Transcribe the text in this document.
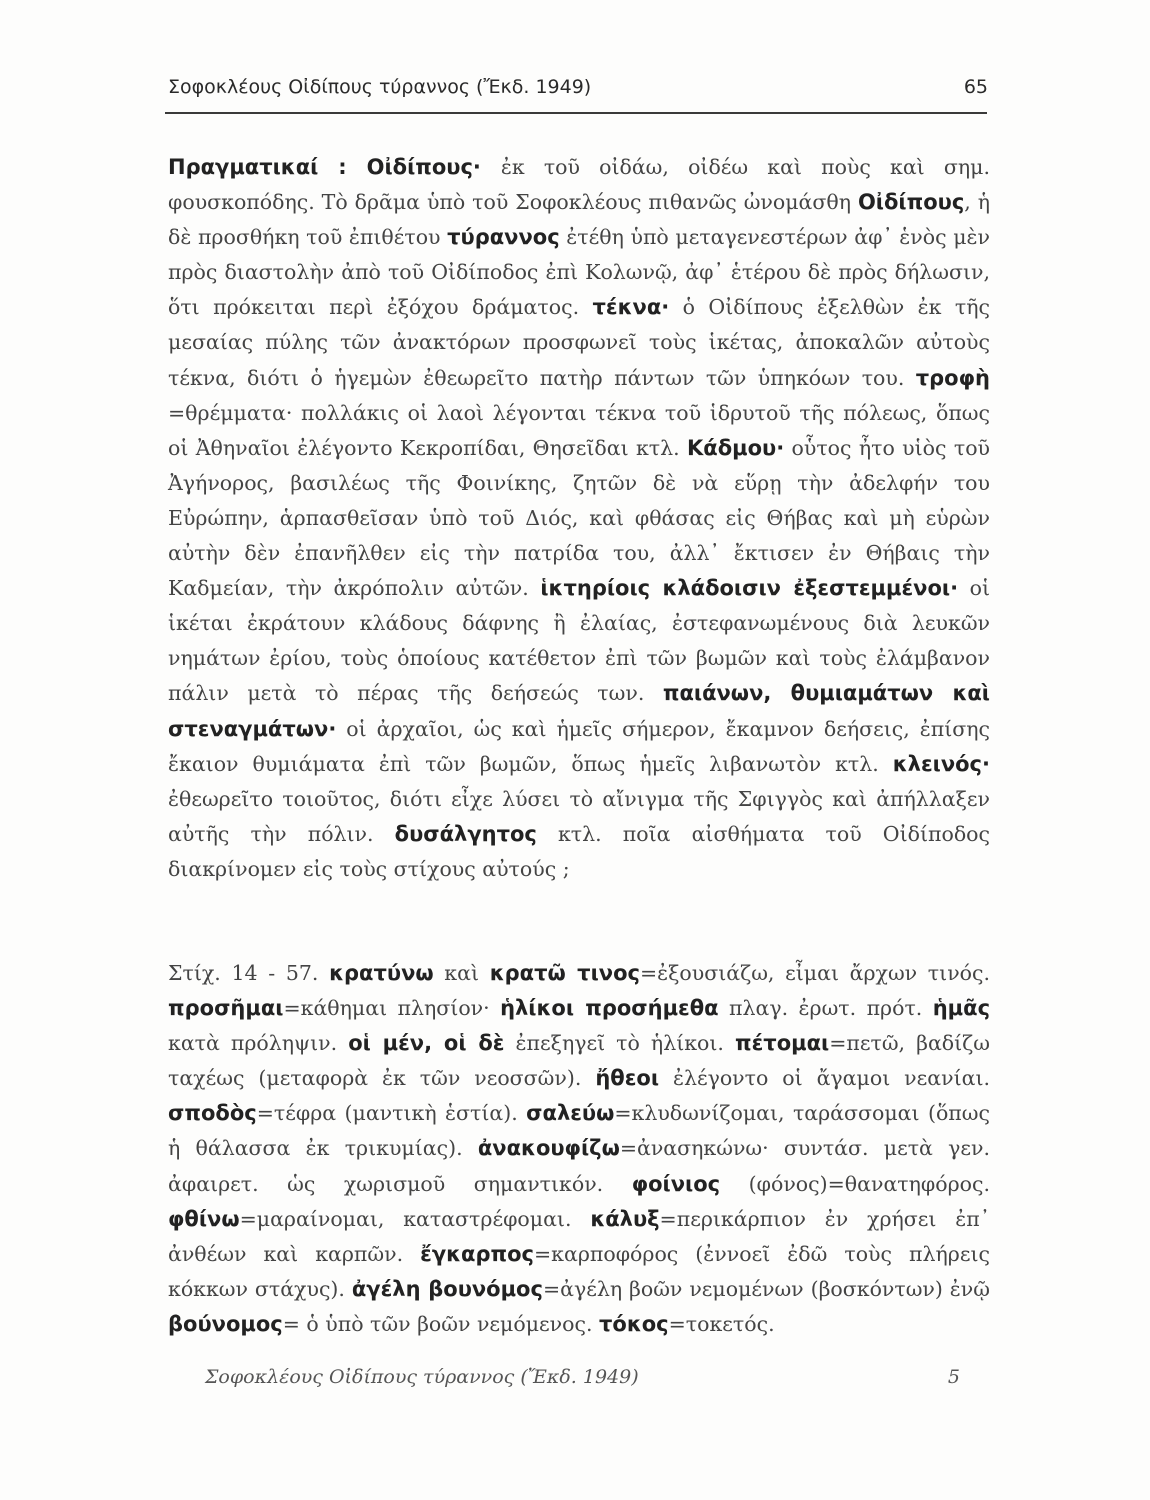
Σοφοκλέους Οἰδίπους τύραννος (Ἔκδ. 1949)	65
Πραγματικαί : Οἰδίπους· ἐκ τοῦ οἰδάω, οἰδέω καὶ ποὺς καὶ σημ. φουσκοπόδης. Τὸ δρᾶμα ὑπὸ τοῦ Σοφοκλέους πιθανῶς ὠνομάσθη Οἰδίπους, ἡ δὲ προσθήκη τοῦ ἐπιθέτου τύραννος ἐτέθη ὑπὸ μεταγενεστέρων ἀφ᾿ ἑνὸς μὲν πρὸς διαστολὴν ἀπὸ τοῦ Οἰδίποδος ἐπὶ Κολωνῷ, ἀφ᾿ ἑτέρου δὲ πρὸς δήλωσιν, ὅτι πρόκειται περὶ ἐξόχου δράματος. τέκνα· ὁ Οἰδίπους ἐξελθὼν ἐκ τῆς μεσαίας πύλης τῶν ἀνακτόρων προσφωνεῖ τοὺς ἱκέτας, ἀποκαλῶν αὐτοὺς τέκνα, διότι ὁ ἡγεμὼν ἐθεωρεῖτο πατὴρ πάντων τῶν ὑπηκόων του. τροφὴ =θρέμματα· πολλάκις οἱ λαοὶ λέγονται τέκνα τοῦ ἱδρυτοῦ τῆς πόλεως, ὅπως οἱ Ἀθηναῖοι ἐλέγοντο Κεκροπίδαι, Θησεῖδαι κτλ. Κάδμου· οὗτος ἦτο υἱὸς τοῦ Ἀγήνορος, βασιλέως τῆς Φοινίκης, ζητῶν δὲ νὰ εὕρῃ τὴν ἀδελφήν του Εὐρώπην, ἁρπασθεῖσαν ὑπὸ τοῦ Διός, καὶ φθάσας εἰς Θήβας καὶ μὴ εὑρὼν αὐτὴν δὲν ἐπανῆλθεν εἰς τὴν πατρίδα του, ἀλλ᾿ ἔκτισεν ἐν Θήβαις τὴν Καδμείαν, τὴν ἀκρόπολιν αὐτῶν. ἱκτηρίοις κλάδοισιν ἐξεστεμμένοι· οἱ ἱκέται ἐκράτουν κλάδους δάφνης ἢ ἐλαίας, ἐστεφανωμένους διὰ λευκῶν νημάτων ἐρίου, τοὺς ὁποίους κατέθετον ἐπὶ τῶν βωμῶν καὶ τοὺς ἐλάμβανον πάλιν μετὰ τὸ πέρας τῆς δεήσεώς των. παιάνων, θυμιαμάτων καὶ στεναγμάτων· οἱ ἀρχαῖοι, ὡς καὶ ἡμεῖς σήμερον, ἔκαμνον δεήσεις, ἐπίσης ἔκαιον θυμιάματα ἐπὶ τῶν βωμῶν, ὅπως ἡμεῖς λιβανωτὸν κτλ. κλεινός· ἐθεωρεῖτο τοιοῦτος, διότι εἶχε λύσει τὸ αἴνιγμα τῆς Σφιγγὸς καὶ ἀπήλλαξεν αὐτῆς τὴν πόλιν. δυσάλγητος κτλ. ποῖα αἰσθήματα τοῦ Οἰδίποδος διακρίνομεν εἰς τοὺς στίχους αὐτούς ;
Στίχ. 14 - 57. κρατύνω καὶ κρατῶ τινος=ἐξουσιάζω, εἶμαι ἄρχων τινός. προσῆμαι=κάθημαι πλησίον· ἡλίκοι προσήμεθα πλαγ. ἐρωτ. πρότ. ἡμᾶς κατὰ πρόληψιν. οἱ μέν, οἱ δὲ ἐπεξηγεῖ τὸ ἡλίκοι. πέτομαι=πετῶ, βαδίζω ταχέως (μεταφορὰ ἐκ τῶν νεοσσῶν). ἤθεοι ἐλέγοντο οἱ ἄγαμοι νεανίαι. σποδὸς=τέφρα (μαντικὴ ἑστία). σαλεύω=κλυδωνίζομαι, ταράσσομαι (ὅπως ἡ θάλασσα ἐκ τρικυμίας). ἀνακουφίζω=ἀνασηκώνω· συντάσ. μετὰ γεν. ἀφαιρετ. ὡς χωρισμοῦ σημαντικόν. φοίνιος (φόνος)=θανατηφόρος. φθίνω=μαραίνομαι, καταστρέφομαι. κάλυξ=περικάρπιον ἐν χρήσει ἐπ᾿ ἀνθέων καὶ καρπῶν. ἔγκαρπος=καρποφόρος (ἐννοεῖ ἐδῶ τοὺς πλήρεις κόκκων στάχυς). ἀγέλη βουνόμος=ἀγέλη βοῶν νεμομένων (βοσκόντων) ἐνῷ βούνομος= ὁ ὑπὸ τῶν βοῶν νεμόμενος. τόκος=τοκετός.
Σοφοκλέους Οἰδίπους τύραννος (Ἔκδ. 1949)	5
